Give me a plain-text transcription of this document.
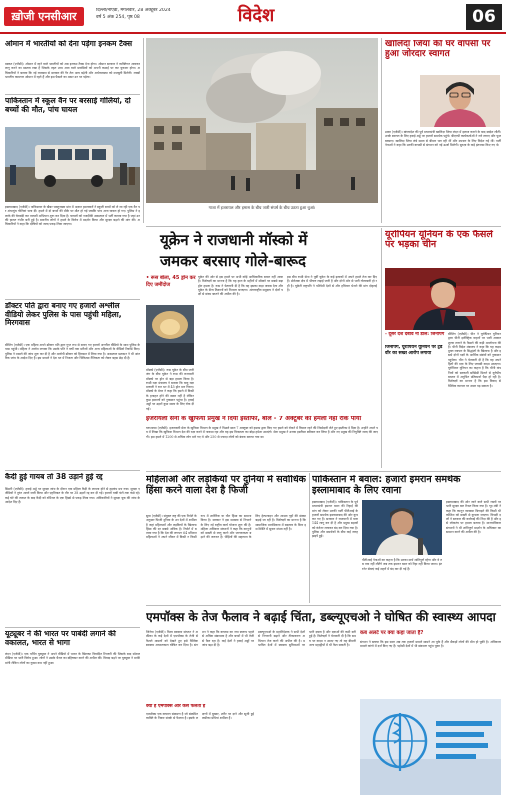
ख़ोजी एनसीआर	दिल्ली/नोएडा, मंगलवार, 28 अक्टूबर 2024
वर्ष 5 अंक 254, पृष्ठ 08	विदेश	06
ओमान में भारतीयों को देना पड़ेगा इनकम टैक्स
मस्कट (एजेंसी)। ओमान में रहने वाले भारतीयों को अब इनकम टैक्स देना होगा। ओमान सरकार ने व्यक्तिगत आयकर लागू करने का प्रस्ताव रखा है जिसके तहत उच्च आय वाले प्रवासियों को अपनी कमाई पर कर चुकाना होगा। अधिकारियों ने बताया कि नई व्यवस्था से सरकार की गैर तेल आय बढ़ेगी और अर्थव्यवस्था को मजबूती मिलेगी। लाखों भारतीय कामगार ओमान में रहते हैं और इस फैसले का असर उन पर पड़ेगा।
पाकिस्तान में स्कूल वैन पर बरसाई गोलियां, दो बच्चों की मौत, पांच घायल
इस्लामाबाद (एजेंसी)। पाकिस्तान के खैबर पख्तूनख्वा प्रांत में अज्ञात हमलावरों ने स्कूली बच्चों को ले जा रही एक वैन पर अंधाधुंध गोलियां चला दीं। हमले में दो बच्चों की मौके पर मौत हो गई जबकि पांच अन्य घायल हो गए। पुलिस ने इलाके की घेराबंदी कर तलाशी अभियान शुरू कर दिया है। घायलों को नजदीकी अस्पताल में भर्ती कराया गया है जहां उनकी हालत गंभीर बनी हुई है। स्थानीय लोगों ने हमले के विरोध में प्रदर्शन किया और सुरक्षा बढ़ाने की मांग की। अधिकारियों ने कहा कि दोषियों को जल्द पकड़ लिया जाएगा।
डॉक्टर पति द्वारा बनाए गए हजारों अश्लील वीडियो लेकर पुलिस के पास पहुंची महिला, मिरगवास
बीजिंग (एजेंसी)। एक महिला अपने डॉक्टर पति द्वारा गुप्त रूप से बनाए गए हजारों अश्लील वीडियो के साथ पुलिस के पास पहुंची। महिला ने आरोप लगाया कि उसके पति ने वर्षों तक मरीजों और अन्य महिलाओं के वीडियो रिकॉर्ड किए। पुलिस ने मामले की जांच शुरू कर दी है और आरोपी डॉक्टर को हिरासत में लिया गया है। अस्पताल प्रशासन ने भी आंतरिक जांच के आदेश दिए हैं। इस मामले ने देश भर में निजता और चिकित्सा नैतिकता को लेकर बहस छेड़ दी है।
कैदी हुई गायब तो 38 उड़ाने हुई रद्द
सिडनी (एजेंसी)। हवाई अड्डे पर सुरक्षा जांच के दौरान एक महिला कैदी के लापता होने से हड़कंप मच गया। सुरक्षा एजेंसियों ने तुरंत अलर्ट जारी किया और एहतियात के तौर पर 38 उड़ानें रद्द कर दी गईं। हजारों यात्री घंटों तक फंसे रहे। कई घंटे की तलाश के बाद कैदी को टर्मिनल के एक हिस्से से पकड़ लिया गया। अधिकारियों ने सुरक्षा चूक की जांच के आदेश दिए हैं।
यूट्यूबर ने की भारत पर पाबंदी लगाने की वकालत, भारत से भागा
लंदन (एजेंसी)। एक चर्चित यूट्यूबर ने अपने वीडियो में भारत के खिलाफ विवादित टिप्पणी की जिसके बाद सोशल मीडिया पर भारी विरोध हुआ। लोगों ने उसके चैनल का बहिष्कार करने की अपील की। विवाद बढ़ने पर यूट्यूबर ने माफी मांगी लेकिन लोगों का गुस्सा कम नहीं हुआ।
गाजा में इजरायल और हमास के बीच जारी संघर्ष के बीच उठता हुआ धुआं।
खालिदा जिया की घर वापसी पर हुआ जोरदार स्वागत
ढाका (एजेंसी)। बांग्लादेश की पूर्व प्रधानमंत्री खालिदा जिया लंदन में इलाज कराने के बाद स्वदेश लौटीं। उनके स्वागत के लिए हवाई अड्डे पर हजारों समर्थक पहुंचे। बीएनपी कार्यकर्ताओं ने नारे लगाए और फूल बरसाए। खालिदा जिया लंबे समय से बीमार चल रही थीं और उपचार के लिए विदेश गई थीं। पार्टी नेताओं ने कहा कि उनकी वापसी से संगठन को नई ऊर्जा मिलेगी। सुरक्षा के कड़े इंतजाम किए गए थे।
यूक्रेन ने राजधानी मॉस्को में
जमकर बरसाए गोले-बारूद
• रूस बोला, 45 ड्रोन कर दिए जमींदोज
मॉस्को (एजेंसी)। रूस यूक्रेन के बीच जारी जंग के बीच यूक्रेन ने रूस की राजधानी मॉस्को पर ड्रोन से बड़ा हमला किया है। रूसी रक्षा मंत्रालय ने बताया कि वायु रक्षा प्रणाली ने रात भर में 45 ड्रोन मार गिराए। मॉस्को के मेयर ने कहा कि हमले में किसी के हताहत होने की खबर नहीं है लेकिन कुछ इमारतों को नुकसान पहुंचा है। हवाई अड्डों पर उड़ानें कुछ समय के लिए रोक दी गईं।
यूक्रेन की ओर से इस हमले पर अभी कोई आधिकारिक बयान नहीं आया है। विशेषज्ञों का मानना है कि यह हाल के महीनों में मॉस्को पर सबसे बड़ा ड्रोन हमला है। रूस ने चेतावनी दी है कि वह इसका कड़ा जवाब देगा और यूक्रेन के सैन्य ठिकानों को निशाना बनाएगा। अंतरराष्ट्रीय समुदाय ने दोनों पक्षों से संयम बरतने की अपील की है।
इस बीच रूसी सेना ने पूर्वी यूक्रेन के कई इलाकों में अपने हमले तेज कर दिए हैं। डोनेत्स्क क्षेत्र में भीषण लड़ाई जारी है और दोनों ओर से भारी गोलाबारी हो रही है। यूक्रेनी राष्ट्रपति ने पश्चिमी देशों से और हथियार भेजने की मांग दोहराई है।
यूरोपियन यूनियन के एक फैसले पर भड़का चीन
- दूसरे देश दबाव ना डालें: जिनपिंग
जिनपिंग, यूरोपियन यूनियन पर ट्रेड वॉर का सख्त आरोप लगाया
बीजिंग (एजेंसी)। चीन ने यूरोपियन यूनियन द्वारा चीनी इलेक्ट्रिक वाहनों पर भारी आयात शुल्क लगाने के फैसले की कड़ी आलोचना की है। चीनी विदेश मंत्रालय ने कहा कि यह कदम मुक्त व्यापार के सिद्धांतों के खिलाफ है और इससे दोनों पक्षों के आर्थिक संबंधों को नुकसान पहुंचेगा। चीन ने चेतावनी दी है कि वह अपने हितों की रक्षा के लिए जवाबी कदम उठाएगा। यूरोपियन यूनियन का कहना है कि चीनी कंपनियों को सरकारी सब्सिडी मिलने से यूरोपीय बाजार में अनुचित प्रतिस्पर्धा पैदा हो रही है। विशेषज्ञों का मानना है कि इस विवाद से वैश्विक व्यापार पर असर पड़ सकता है।
इजरायली सेना के खुफिया प्रमुख ने दिया इस्तीफा, बोले - 7 अक्टूबर का हमला नहीं रोक पाया
यरूशलम (एजेंसी)। इजरायली सेना के खुफिया विभाग के प्रमुख ने पिछले साल 7 अक्टूबर को हमास द्वारा किए गए हमले को रोकने में विफल रहने की जिम्मेदारी लेते हुए इस्तीफा दे दिया है। उन्होंने अपने पत्र में लिखा कि खुफिया विभाग देश की रक्षा करने में नाकाम रहा और वह इस विफलता का बोझ हमेशा उठाएंगे। सेना प्रमुख ने उनका इस्तीफा स्वीकार कर लिया है और नए प्रमुख की नियुक्ति जल्द की जाएगी। इस हमले में 1200 से अधिक लोग मारे गए थे और 250 से ज्यादा लोगों को बंधक बनाया गया था।
महिलाओं और लड़कियों पर दुनिया में सर्वाधिक हिंसा करने वाला देश है फिजी
सुवा (एजेंसी)। संयुक्त राष्ट्र की एक रिपोर्ट के अनुसार फिजी दुनिया के उन देशों में शामिल है जहां महिलाओं और लड़कियों के खिलाफ हिंसा की दर सबसे अधिक है। रिपोर्ट में बताया गया है कि देश की लगभग 64 प्रतिशत महिलाओं ने अपने जीवन में किसी न किसी रूप में शारीरिक या यौन हिंसा का सामना किया है। सरकार ने इस समस्या से निपटने के लिए नई राष्ट्रीय कार्य योजना शुरू की है। महिला अधिकार संगठनों ने कहा कि कानूनों को सख्ती से लागू करने और जागरूकता बढ़ाने की जरूरत है। पीड़ितों की सहायता के लिए हेल्पलाइन और आश्रय गृहों की संख्या बढ़ाई जा रही है। विशेषज्ञों का मानना है कि सामाजिक मानसिकता में बदलाव के बिना इस स्थिति में सुधार संभव नहीं है।
पाकिस्तान में बवाल: हजारों इमरान समर्थक इस्लामाबाद के लिए रवाना
इस्लामाबाद (एजेंसी)। पाकिस्तान के पूर्व प्रधानमंत्री इमरान खान की रिहाई की मांग को लेकर उनकी पार्टी पीटीआई के हजारों समर्थक इस्लामाबाद की ओर कूच कर गए हैं। सरकार ने राजधानी में धारा 144 लागू कर दी है और प्रमुख सड़कों को कंटेनर लगाकर बंद कर दिया गया है। पुलिस और समर्थकों के बीच कई जगह झड़पें हुईं।
पीटीआई नेताओं का कहना है कि उनका मार्च शांतिपूर्ण रहेगा और वे तब तक नहीं लौटेंगे जब तक इमरान खान को रिहा नहीं किया जाता। इंटरनेट सेवाएं कई शहरों में बंद कर दी गई हैं।
इस्लामाबाद की ओर जाने वाले सभी रास्तों पर भारी सुरक्षा बल तैनात किया गया है। गृह मंत्री ने कहा कि कानून व्यवस्था बिगाड़ने की किसी भी कोशिश को सख्ती से कुचला जाएगा। विपक्षी दलों ने सरकार की कार्रवाई की निंदा की है और इसे लोकतंत्र पर हमला बताया है। मानवाधिकार संगठनों ने भी शांतिपूर्ण प्रदर्शन के अधिकार का सम्मान करने की अपील की है।
एमपॉक्स के तेज फैलाव ने बढ़ाई चिंता, डब्ल्यूएचओ ने घोषित की स्वास्थ्य आपदा
जिनेवा (एजेंसी)। विश्व स्वास्थ्य संगठन ने अफ्रीका के कई देशों में एमपॉक्स के तेजी से फैलते मामलों को देखते हुए इसे वैश्विक स्वास्थ्य आपातकाल घोषित कर दिया है। संगठन ने कहा कि वायरस का नया स्वरूप पहले से अधिक संक्रामक है और बच्चों में भी तेजी से फैल रहा है। कई देशों ने हवाई अड्डों पर जांच बढ़ा दी है।
क्या है एमपॉक्स और कैसे फैलता है
एमपॉक्स एक वायरल संक्रमण है जो संक्रमित व्यक्ति के निकट संपर्क से फैलता है। इसके लक्षणों में बुखार, शरीर पर दाने और सूजी हुई लसीका ग्रंथियां शामिल हैं।
डब्ल्यूएचओ के महानिदेशक ने सभी देशों से निगरानी बढ़ाने और टीकाकरण अभियान तेज करने की अपील की है। प्रभावित देशों में स्वास्थ्य सुविधाओं पर भारी दबाव है और दवाओं की कमी बनी हुई है। विशेषज्ञों ने चेतावनी दी है कि समय पर कदम न उठाए गए तो यह बीमारी अन्य महाद्वीपों में भी फैल सकती है।
कब अलर्ट पर क्या कहा जाता है?
संगठन ने बताया कि इस साल अब तक हजारों मामले सामने आ चुके हैं और सैकड़ों लोगों की मौत हो चुकी है। अधिकतर मामले कांगो में दर्ज किए गए हैं। पड़ोसी देशों में भी संक्रमण पहुंच चुका है।
